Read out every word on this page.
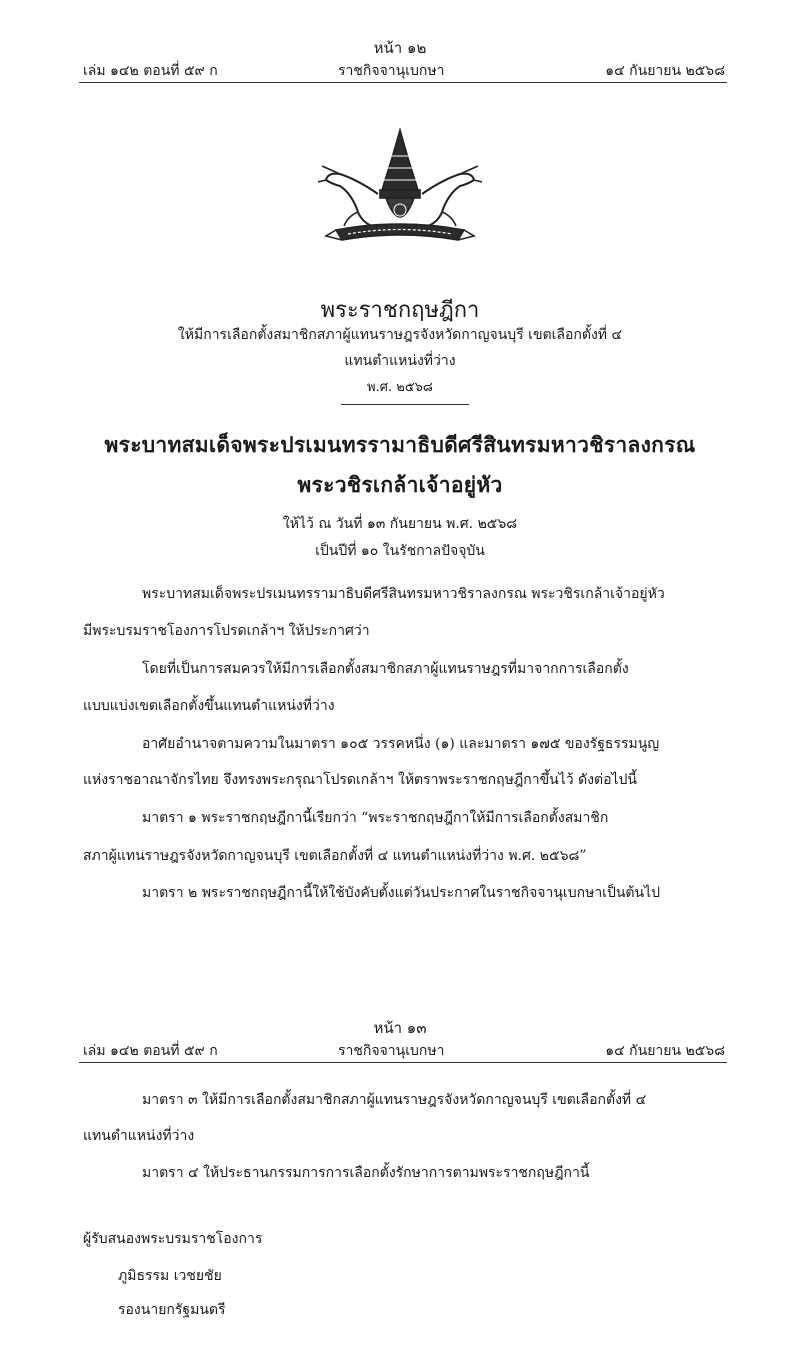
หน้า ๑๒
เล่ม ๑๔๒ ตอนที่ ๕๙ ก	ราชกิจจานุเบกษา	๑๔ กันยายน ๒๕๖๘
พระราชกฤษฎีกา
ให้มีการเลือกตั้งสมาชิกสภาผู้แทนราษฎรจังหวัดกาญจนบุรี เขตเลือกตั้งที่ ๔
แทนตำแหน่งที่ว่าง
พ.ศ. ๒๕๖๘
พระบาทสมเด็จพระปรเมนทรรามาธิบดีศรีสินทรมหาวชิราลงกรณ
พระวชิรเกล้าเจ้าอยู่หัว
ให้ไว้ ณ วันที่ ๑๓ กันยายน พ.ศ. ๒๕๖๘
เป็นปีที่ ๑๐ ในรัชกาลปัจจุบัน
พระบาทสมเด็จพระปรเมนทรรามาธิบดีศรีสินทรมหาวชิราลงกรณ พระวชิรเกล้าเจ้าอยู่หัว
มีพระบรมราชโองการโปรดเกล้าฯ ให้ประกาศว่า
โดยที่เป็นการสมควรให้มีการเลือกตั้งสมาชิกสภาผู้แทนราษฎรที่มาจากการเลือกตั้ง
แบบแบ่งเขตเลือกตั้งขึ้นแทนตำแหน่งที่ว่าง
อาศัยอำนาจตามความในมาตรา ๑๐๕ วรรคหนึ่ง (๑) และมาตรา ๑๗๕ ของรัฐธรรมนูญ
แห่งราชอาณาจักรไทย จึงทรงพระกรุณาโปรดเกล้าฯ ให้ตราพระราชกฤษฎีกาขึ้นไว้ ดังต่อไปนี้
มาตรา ๑ พระราชกฤษฎีกานี้เรียกว่า “พระราชกฤษฎีกาให้มีการเลือกตั้งสมาชิก
สภาผู้แทนราษฎรจังหวัดกาญจนบุรี เขตเลือกตั้งที่ ๔ แทนตำแหน่งที่ว่าง พ.ศ. ๒๕๖๘”
มาตรา ๒ พระราชกฤษฎีกานี้ให้ใช้บังคับตั้งแต่วันประกาศในราชกิจจานุเบกษาเป็นต้นไป
หน้า ๑๓
เล่ม ๑๔๒ ตอนที่ ๕๙ ก	ราชกิจจานุเบกษา	๑๔ กันยายน ๒๕๖๘
มาตรา ๓ ให้มีการเลือกตั้งสมาชิกสภาผู้แทนราษฎรจังหวัดกาญจนบุรี เขตเลือกตั้งที่ ๔
แทนตำแหน่งที่ว่าง
มาตรา ๔ ให้ประธานกรรมการการเลือกตั้งรักษาการตามพระราชกฤษฎีกานี้
ผู้รับสนองพระบรมราชโองการ
ภูมิธรรม เวชยชัย
รองนายกรัฐมนตรี
